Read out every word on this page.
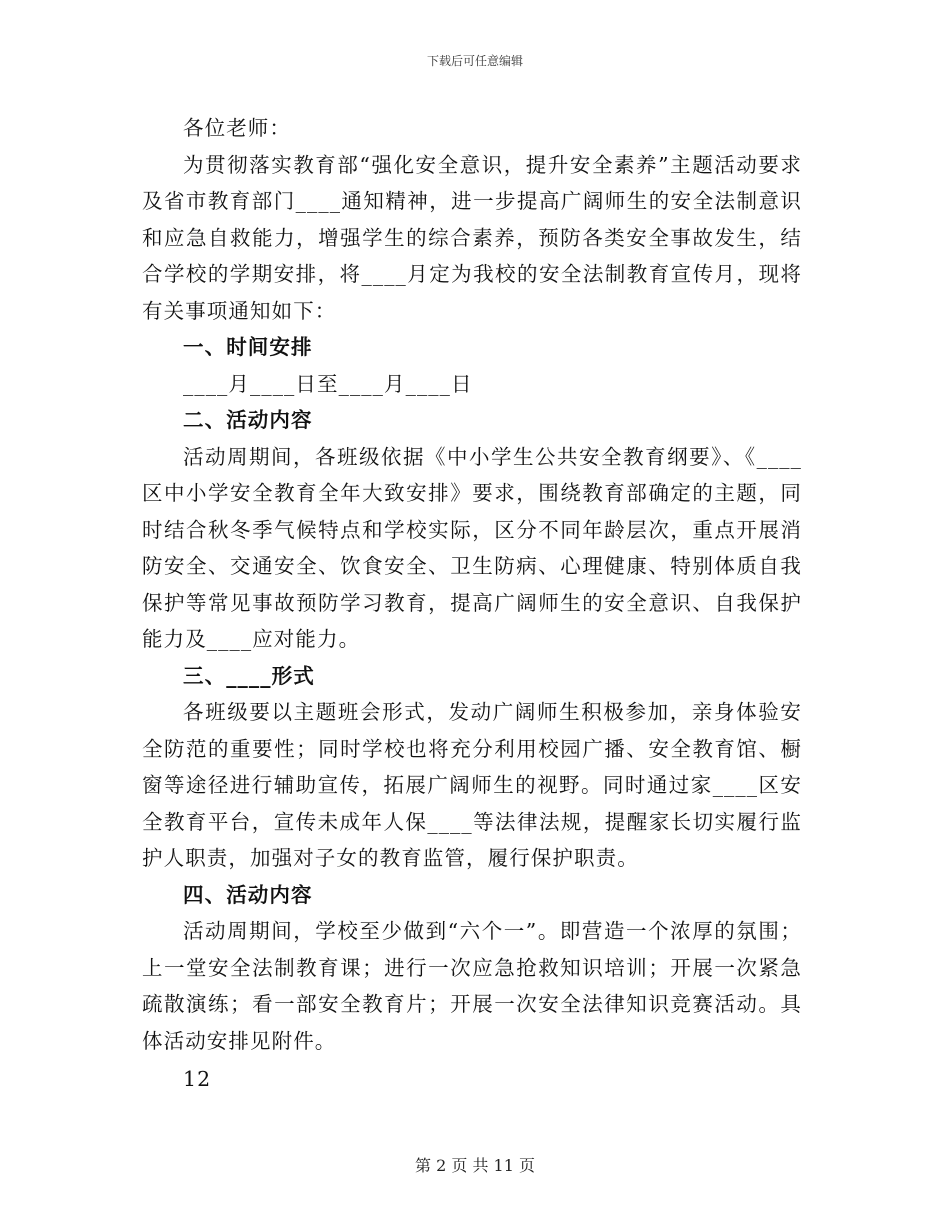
下载后可任意编辑

各位老师：

为贯彻落实教育部“强化安全意识，提升安全素养”主题活动要求及省市教育部门____通知精神，进一步提高广阔师生的安全法制意识和应急自救能力，增强学生的综合素养，预防各类安全事故发生，结合学校的学期安排，将____月定为我校的安全法制教育宣传月，现将有关事项通知如下：

一、时间安排

____月____日至____月____日

二、活动内容

活动周期间，各班级依据《中小学生公共安全教育纲要》、《____区中小学安全教育全年大致安排》要求，围绕教育部确定的主题，同时结合秋冬季气候特点和学校实际，区分不同年龄层次，重点开展消防安全、交通安全、饮食安全、卫生防病、心理健康、特别体质自我保护等常见事故预防学习教育，提高广阔师生的安全意识、自我保护能力及____应对能力。

三、____形式

各班级要以主题班会形式，发动广阔师生积极参加，亲身体验安全防范的重要性；同时学校也将充分利用校园广播、安全教育馆、橱窗等途径进行辅助宣传，拓展广阔师生的视野。同时通过家____区安全教育平台，宣传未成年人保____等法律法规，提醒家长切实履行监护人职责，加强对子女的教育监管，履行保护职责。

四、活动内容

活动周期间，学校至少做到“六个一”。即营造一个浓厚的氛围；上一堂安全法制教育课；进行一次应急抢救知识培训；开展一次紧急疏散演练；看一部安全教育片；开展一次安全法律知识竞赛活动。具体活动安排见附件。

12

第 2 页 共 11 页
